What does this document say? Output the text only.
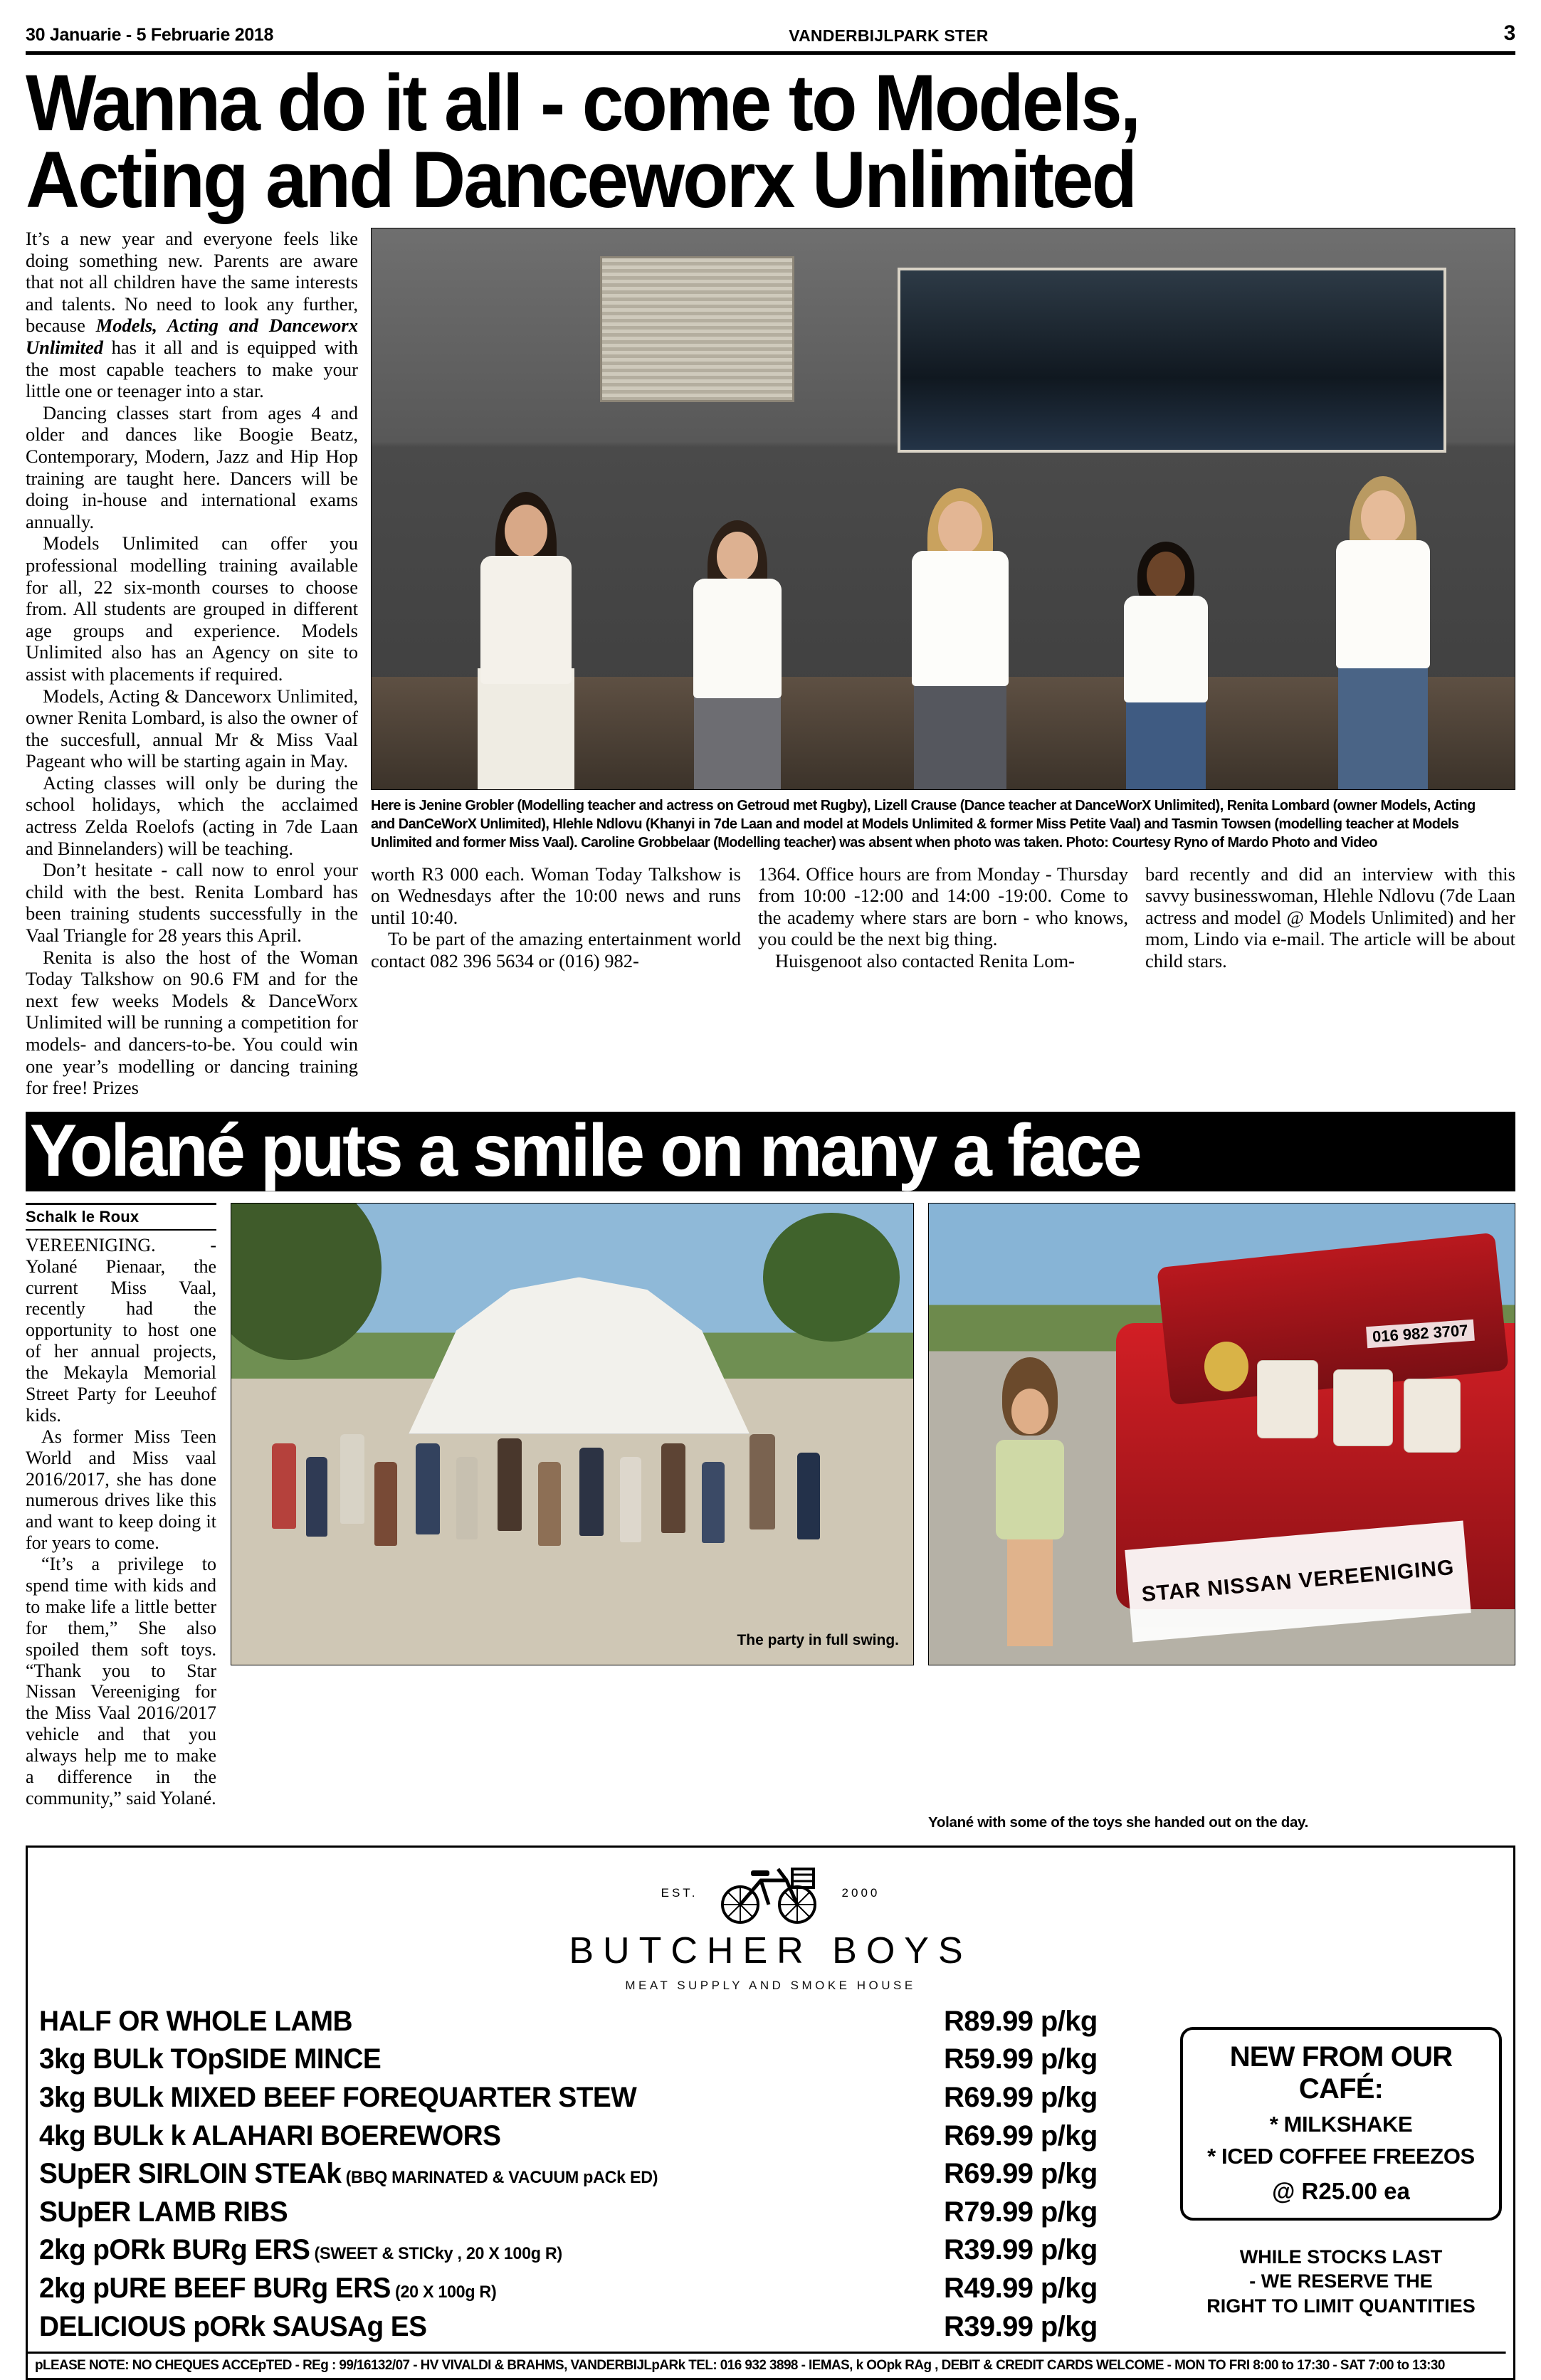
30 Januarie - 5 Februarie 2018	VANDERBIJLPARK STER	3
Wanna do it all - come to Models,
Acting and Danceworx Unlimited

It’s a new year and everyone feels like doing something new. Parents are aware that not all children have the same interests and talents. No need to look any further, because Models, Acting and Danceworx Unlimited has it all and is equipped with the most capable teachers to make your little one or teenager into a star.

Dancing classes start from ages 4 and older and dances like Boogie Beatz, Contemporary, Modern, Jazz and Hip Hop training are taught here. Dancers will be doing in-house and international exams annually.

Models Unlimited can offer you professional modelling training available for all, 22 six-month courses to choose from. All students are grouped in different age groups and experience. Models Unlimited also has an Agency on site to assist with placements if required.

Models, Acting & Danceworx Unlimited, owner Renita Lombard, is also the owner of the succesfull, annual Mr & Miss Vaal Pageant who will be starting again in May.

Acting classes will only be during the school holidays, which the acclaimed actress Zelda Roelofs (acting in 7de Laan and Binnelanders) will be teaching.

Don’t hesitate - call now to enrol your child with the best. Renita Lombard has been training students successfully in the Vaal Triangle for 28 years this April.

Renita is also the host of the Woman Today Talkshow on 90.6 FM and for the next few weeks Models & DanceWorx Unlimited will be running a competition for models- and dancers-to-be. You could win one year’s modelling or dancing training for free! Prizes

Here is Jenine Grobler (Modelling teacher and actress on Getroud met Rugby), Lizell Crause (Dance teacher at DanceWorX Unlimited), Renita Lombard (owner Models, Acting and DanCeWorX Unlimited), Hlehle Ndlovu (Khanyi in 7de Laan and model at Models Unlimited & former Miss Petite Vaal) and Tasmin Towsen (modelling teacher at Models Unlimited and former Miss Vaal). Caroline Grobbelaar (Modelling teacher) was absent when photo was taken. Photo: Courtesy Ryno of Mardo Photo and Video

worth R3 000 each. Woman Today Talkshow is on Wednesdays after the 10:00 news and runs until 10:40.

To be part of the amazing entertainment world contact 082 396 5634 or (016) 982-

1364. Office hours are from Monday - Thursday from 10:00 -12:00 and 14:00 -19:00. Come to the academy where stars are born - who knows, you could be the next big thing.

Huisgenoot also contacted Renita Lom-

bard recently and did an interview with this savvy businesswoman, Hlehle Ndlovu (7de Laan actress and model @ Models Unlimited) and her mom, Lindo via e-mail. The article will be about child stars.

Yolané puts a smile on many a face
Schalk le Roux

VEREENIGING. - Yolané Pienaar, the current Miss Vaal, recently had the opportunity to host one of her annual projects, the Mekayla Memorial Street Party for Leeuhof kids.

As former Miss Teen World and Miss vaal 2016/2017, she has done numerous drives like this and want to keep doing it for years to come.

“It’s a privilege to spend time with kids and to make life a little better for them,” She also spoiled them soft toys. “Thank you to Star Nissan Vereeniging for the Miss Vaal 2016/2017 vehicle and that you always help me to make a difference in the community,” said Yolané.

The party in full swing.
STAR NISSAN VEREENIGING
016 982 3707
Yolané with some of the toys she handed out on the day.
EST.	2000
BUTCHER BOYS
MEAT SUPPLY AND SMOKE HOUSE
HALF OR WHOLE LAMB	R89.99 p/kg
3kg BULk TOpSIDE MINCE	R59.99 p/kg
3kg BULk MIXED BEEF FOREQUARTER STEW	R69.99 p/kg
4kg BULk k ALAHARI BOEREWORS	R69.99 p/kg
SUpER SIRLOIN STEAk (BBQ MARINATED & VACUUM pACk ED)	R69.99 p/kg
SUpER LAMB RIBS	R79.99 p/kg
2kg pORk BURg ERS (SWEET & STICky , 20 X 100g R)	R39.99 p/kg
2kg pURE BEEF BURg ERS (20 X 100g R)	R49.99 p/kg
DELICIOUS pORk SAUSAg ES	R39.99 p/kg
NEW FROM OUR CAFÉ:
* MILKSHAKE
* ICED COFFEE FREEZOS
@ R25.00 ea
WHILE STOCKS LAST
- WE RESERVE THE
RIGHT TO LIMIT QUANTITIES
pLEASE NOTE: NO CHEQUES ACCEpTED - REg : 99/16132/07 - HV VIVALDI & BRAHMS, VANDERBIJLpARk TEL: 016 932 3898 - IEMAS, k OOpk RAg , DEBIT & CREDIT CARDS WELCOME - MON TO FRI 8:00 to 17:30 - SAT 7:00 to 13:30
